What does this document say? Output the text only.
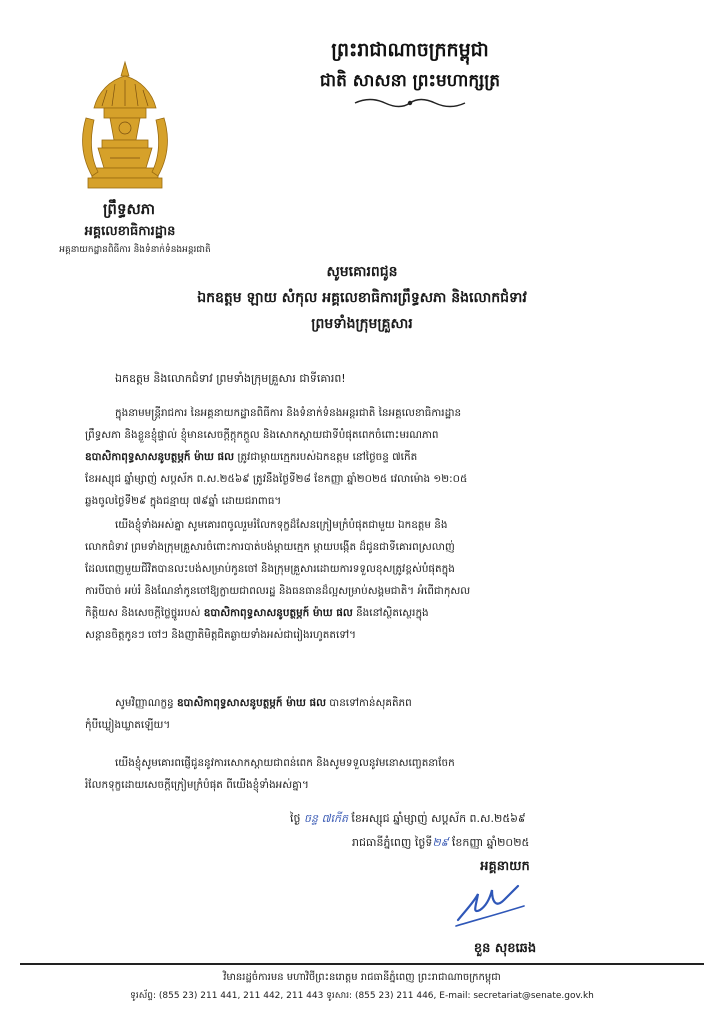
ព្រះរាជាណាចក្រកម្ពុជា
ជាតិ សាសនា ព្រះមហាក្សត្រ
ព្រឹទ្ធសភា
អគ្គលេខាធិការដ្ឋាន
អគ្គនាយកដ្ឋានពិធីការ និងទំនាក់ទំនងអន្តរជាតិ
សូមគោរពជូន
ឯកឧត្តម ឡាយ សំកុល អគ្គលេខាធិការព្រឹទ្ធសភា និងលោកជំទាវ
ព្រមទាំងក្រុមគ្រួសារ
ឯកឧត្តម និងលោកជំទាវ ព្រមទាំងក្រុមគ្រួសារ ជាទីគោរព!
ក្នុងនាមមន្ត្រីរាជការ នៃអគ្គនាយកដ្ឋានពិធីការ និងទំនាក់ទំនងអន្តរជាតិ នៃអគ្គលេខាធិការដ្ឋាន
ព្រឹទ្ធសភា និងខ្លួនខ្ញុំផ្ទាល់ ខ្ញុំមានសេចក្ដីក្ដុកក្ដួល និងសោកស្ដាយជាទីបំផុតពេកចំពោះមរណភាព
ឧបាសិកាពុទ្ធសាសនូបត្ថម្ភក៍ ម៉ាឃ ផល ត្រូវជាម្ដាយក្មេករបស់ឯកឧត្តម នៅថ្ងៃចន្ទ ៧កើត
ខែអស្សុជ ឆ្នាំម្សាញ់ សប្តស័ក ព.ស.២៥៦៩ ត្រូវនឹងថ្ងៃទី២៨ ខែកញ្ញា ឆ្នាំ២០២៥ វេលាម៉ោង ១២:០៥
ឆ្លងចូលថ្ងៃទី២៩ ក្នុងជន្មាយុ ៧៩ឆ្នាំ ដោយជរាពាធ។
យើងខ្ញុំទាំងអស់គ្នា សូមគោរពចូលរួមរំលែកទុក្ខដ៏សែនក្រៀមក្រំបំផុតជាមួយ ឯកឧត្តម និង
លោកជំទាវ ព្រមទាំងក្រុមគ្រួសារចំពោះការបាត់បង់ម្ដាយក្មេក ម្ដាយបង្កើត ដ៏ជូនជាទីគោរពស្រលាញ់
ដែលពេញមួយជីវិតបានលះបង់សម្រាប់កូនចៅ និងក្រុមគ្រួសារដោយការទទួលខុសត្រូវខ្ពស់បំផុតក្នុង
ការបីបាច់ អប់រំ និងណែនាំកូនចៅឱ្យក្លាយជាពលរដ្ឋ និងធនធានដ៏ល្អសម្រាប់សង្គមជាតិ។ អំពើជាកុសល
កិត្តិយស និងសេចក្ដីថ្លៃថ្នូររបស់ ឧបាសិកាពុទ្ធសាសនូបត្ថម្ភក៍ ម៉ាឃ ផល នឹងនៅស្ថិតស្ថេរក្នុង
សន្តានចិត្តកូនៗ ចៅៗ និងញាតិមិត្តជិតឆ្ងាយទាំងអស់ជារៀងរហូតតទៅ។
សូមវិញ្ញាណក្ខន្ធ ឧបាសិកាពុទ្ធសាសនូបត្ថម្ភក៍ ម៉ាឃ ផល បានទៅកាន់សុគតិភព
កុំបីឃ្លៀងឃ្លាតឡើយ។
យើងខ្ញុំសូមគោរពផ្ញើជូននូវការសោកស្ដាយជាពន់ពេក និងសូមទទួលនូវមនោសញ្ចេតនាចែក
រំលែកទុក្ខដោយសេចក្ដីក្រៀមក្រំបំផុត ពីយើងខ្ញុំទាំងអស់គ្នា។
ថ្ងៃ ចន្ទ ៧កើត ខែអស្សុជ ឆ្នាំម្សាញ់ សប្តស័ក ព.ស.២៥៦៩
រាជធានីភ្នំពេញ ថ្ងៃទី២៩ ខែកញ្ញា ឆ្នាំ២០២៥
អគ្គនាយក
ខួន សុខឆេង
វិមានរដ្ឋចំការមន មហាវិថីព្រះនរោត្តម រាជធានីភ្នំពេញ ព្រះរាជាណាចក្រកម្ពុជា
ទូរស័ព្ទ: (855 23) 211 441, 211 442, 211 443 ទូរសារ: (855 23) 211 446, E-mail: secretariat@senate.gov.kh
